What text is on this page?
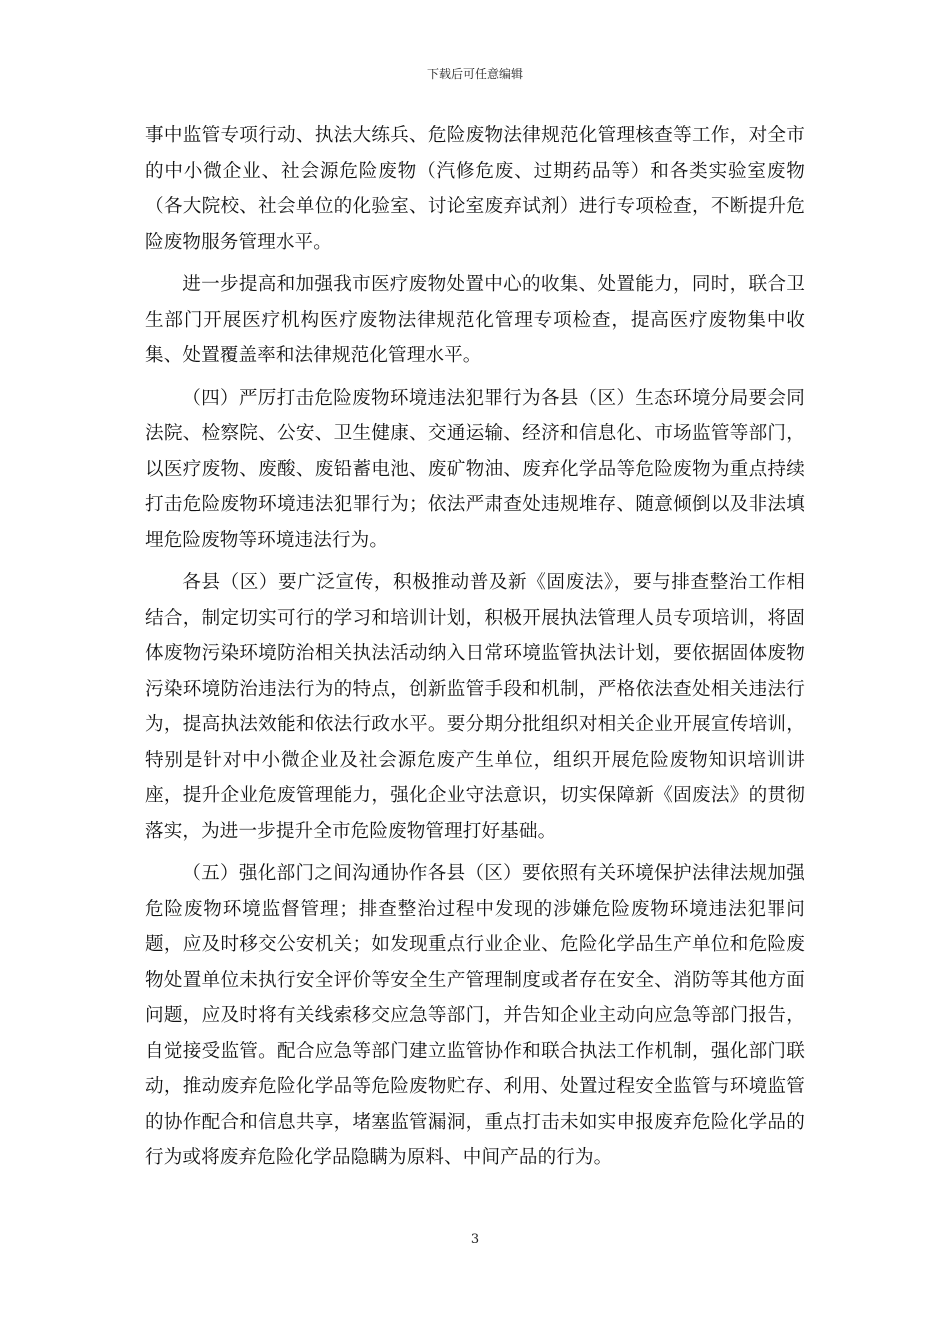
下载后可任意编辑

事中监管专项行动、执法大练兵、危险废物法律规范化管理核查等工作，对全市的中小微企业、社会源危险废物（汽修危废、过期药品等）和各类实验室废物（各大院校、社会单位的化验室、讨论室废弃试剂）进行专项检查，不断提升危险废物服务管理水平。

进一步提高和加强我市医疗废物处置中心的收集、处置能力，同时，联合卫生部门开展医疗机构医疗废物法律规范化管理专项检查，提高医疗废物集中收集、处置覆盖率和法律规范化管理水平。

（四）严厉打击危险废物环境违法犯罪行为各县（区）生态环境分局要会同法院、检察院、公安、卫生健康、交通运输、经济和信息化、市场监管等部门，以医疗废物、废酸、废铅蓄电池、废矿物油、废弃化学品等危险废物为重点持续打击危险废物环境违法犯罪行为；依法严肃查处违规堆存、随意倾倒以及非法填埋危险废物等环境违法行为。

各县（区）要广泛宣传，积极推动普及新《固废法》，要与排查整治工作相结合，制定切实可行的学习和培训计划，积极开展执法管理人员专项培训，将固体废物污染环境防治相关执法活动纳入日常环境监管执法计划，要依据固体废物污染环境防治违法行为的特点，创新监管手段和机制，严格依法查处相关违法行为，提高执法效能和依法行政水平。要分期分批组织对相关企业开展宣传培训，特别是针对中小微企业及社会源危废产生单位，组织开展危险废物知识培训讲座，提升企业危废管理能力，强化企业守法意识，切实保障新《固废法》的贯彻落实，为进一步提升全市危险废物管理打好基础。

（五）强化部门之间沟通协作各县（区）要依照有关环境保护法律法规加强危险废物环境监督管理；排查整治过程中发现的涉嫌危险废物环境违法犯罪问题，应及时移交公安机关；如发现重点行业企业、危险化学品生产单位和危险废物处置单位未执行安全评价等安全生产管理制度或者存在安全、消防等其他方面问题，应及时将有关线索移交应急等部门，并告知企业主动向应急等部门报告，自觉接受监管。配合应急等部门建立监管协作和联合执法工作机制，强化部门联动，推动废弃危险化学品等危险废物贮存、利用、处置过程安全监管与环境监管的协作配合和信息共享，堵塞监管漏洞，重点打击未如实申报废弃危险化学品的行为或将废弃危险化学品隐瞒为原料、中间产品的行为。

3
